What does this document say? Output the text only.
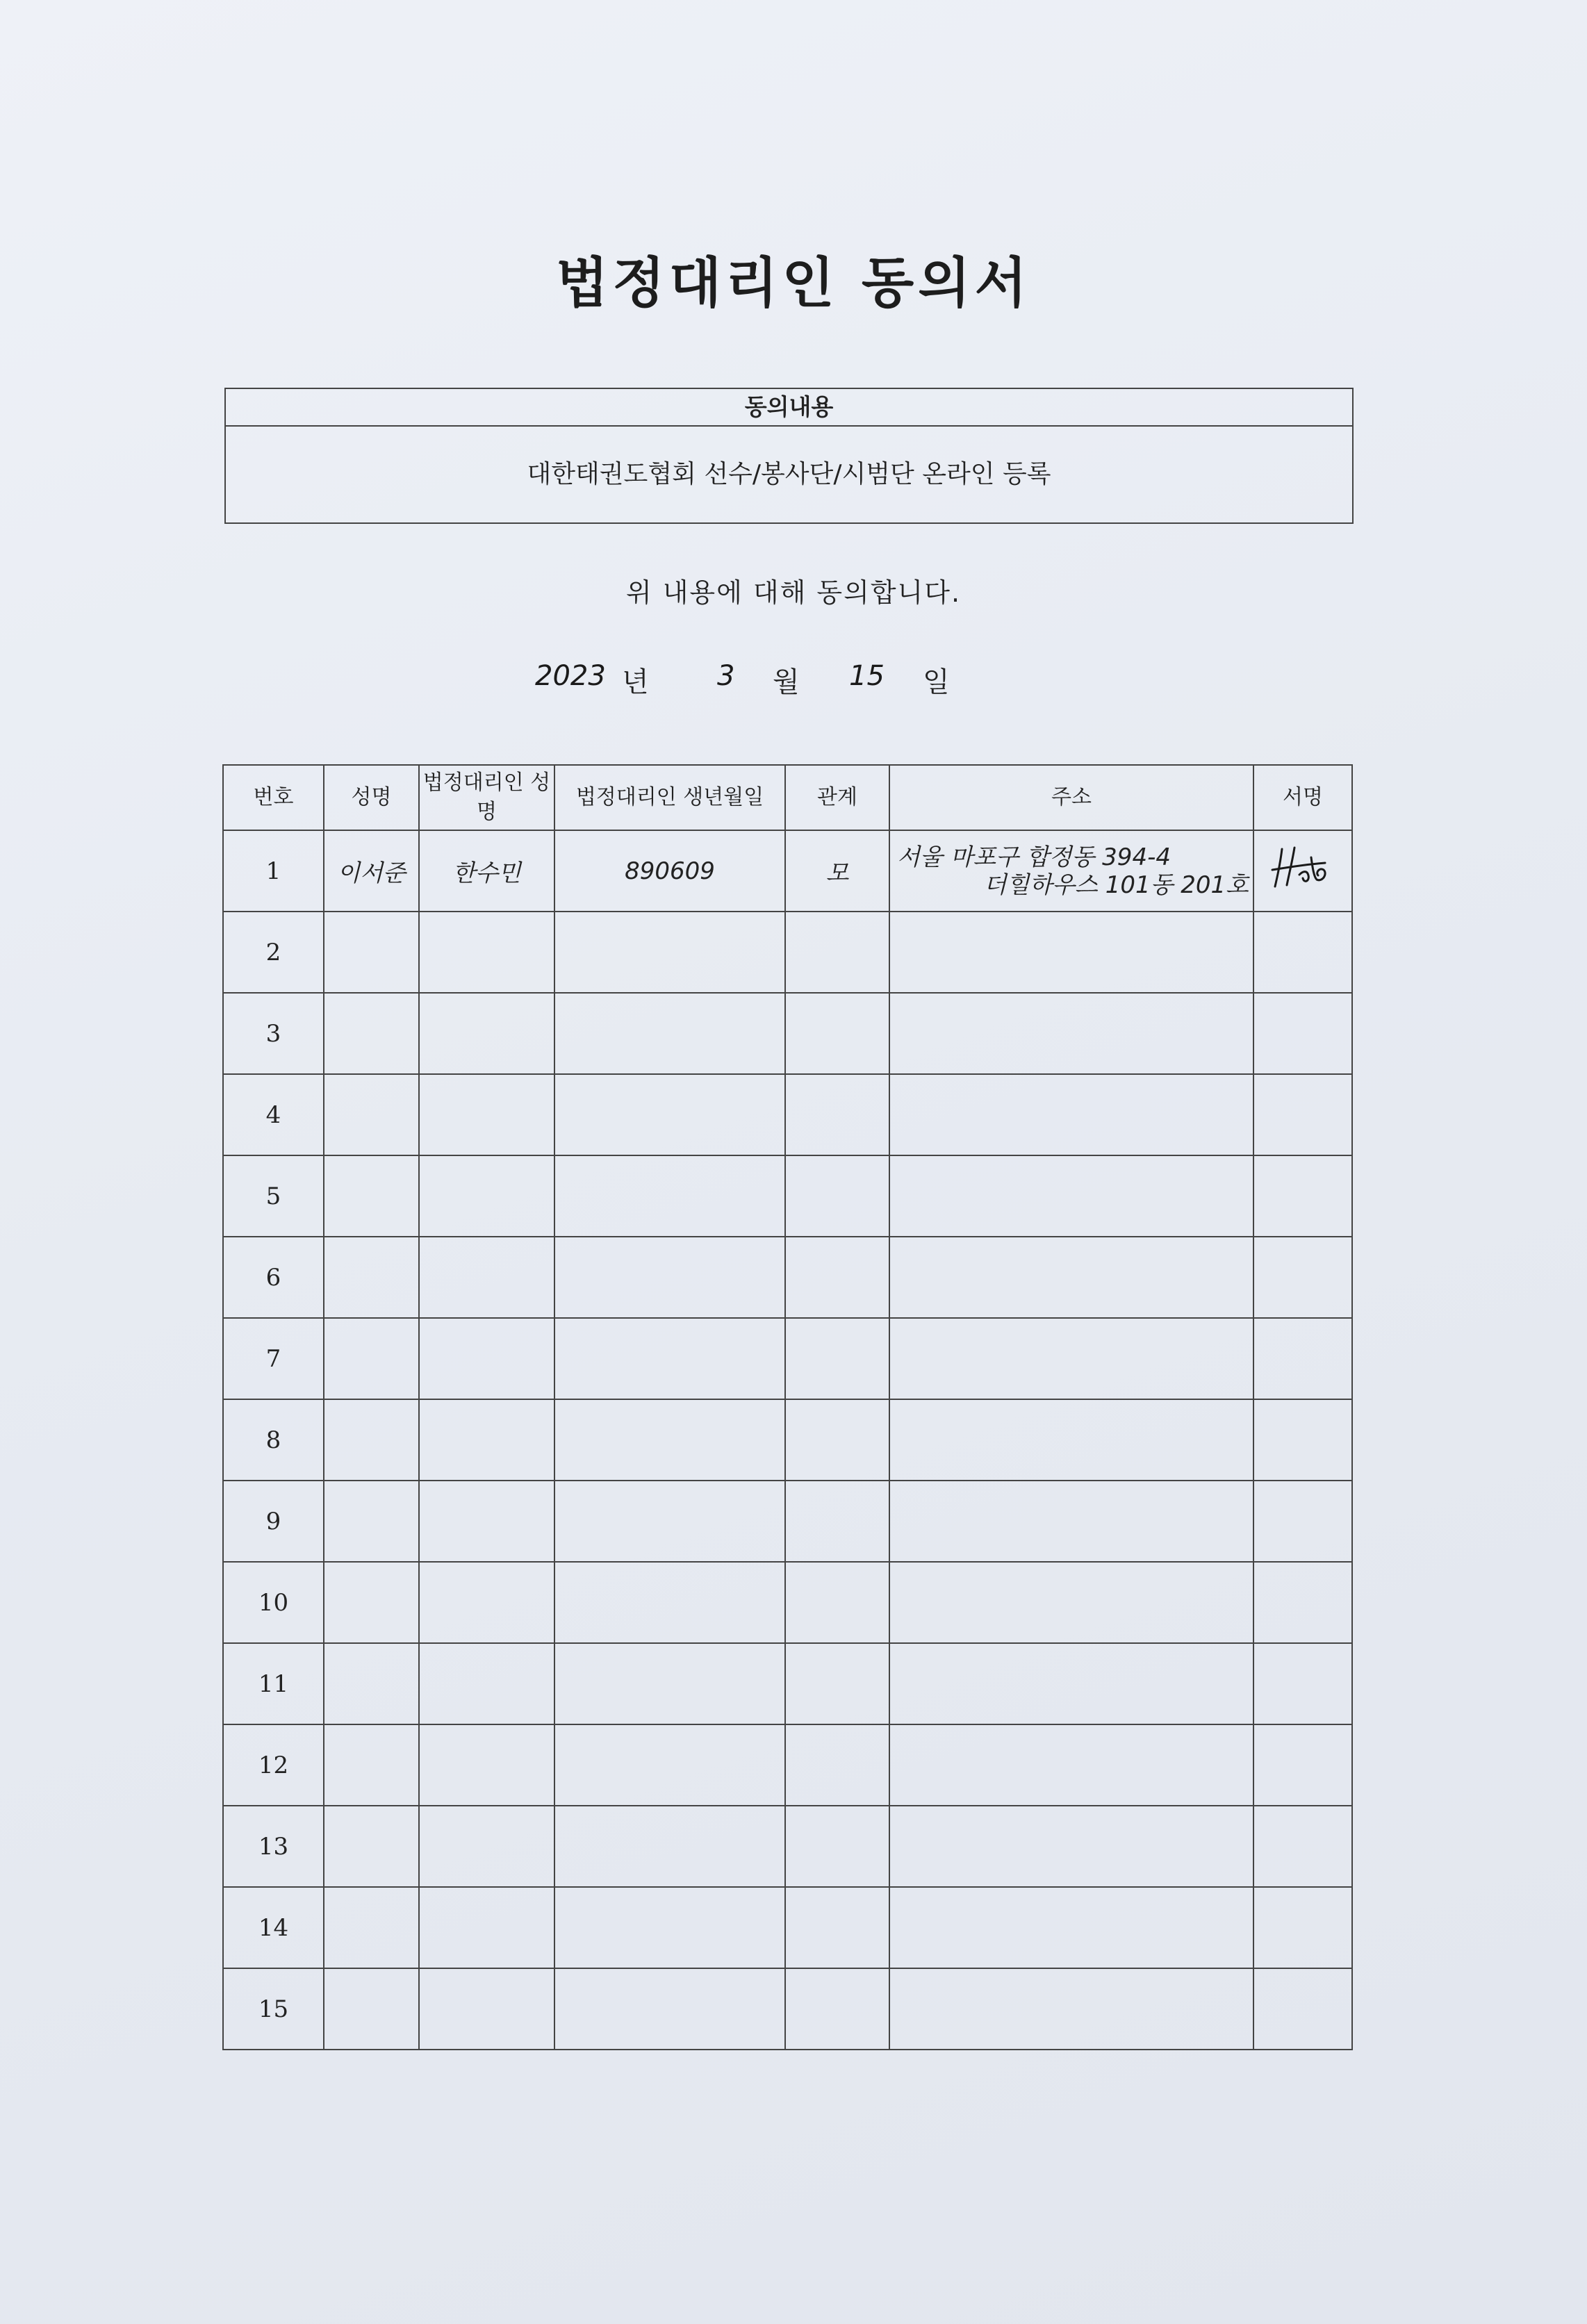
법정대리인 동의서
동의내용
대한태권도협회 선수/봉사단/시범단 온라인 등록
위 내용에 대해 동의합니다.
2023 년 3 월 15 일
번호	성명	법정대리인 성명	법정대리인 생년월일	관계	주소	서명
1	이서준	한수민	890609	모	서울 마포구 합정동 394-4
더힐하우스 101동 201호

2						
3						
4						
5						
6						
7						
8						
9						
10						
11						
12						
13						
14						
15						
